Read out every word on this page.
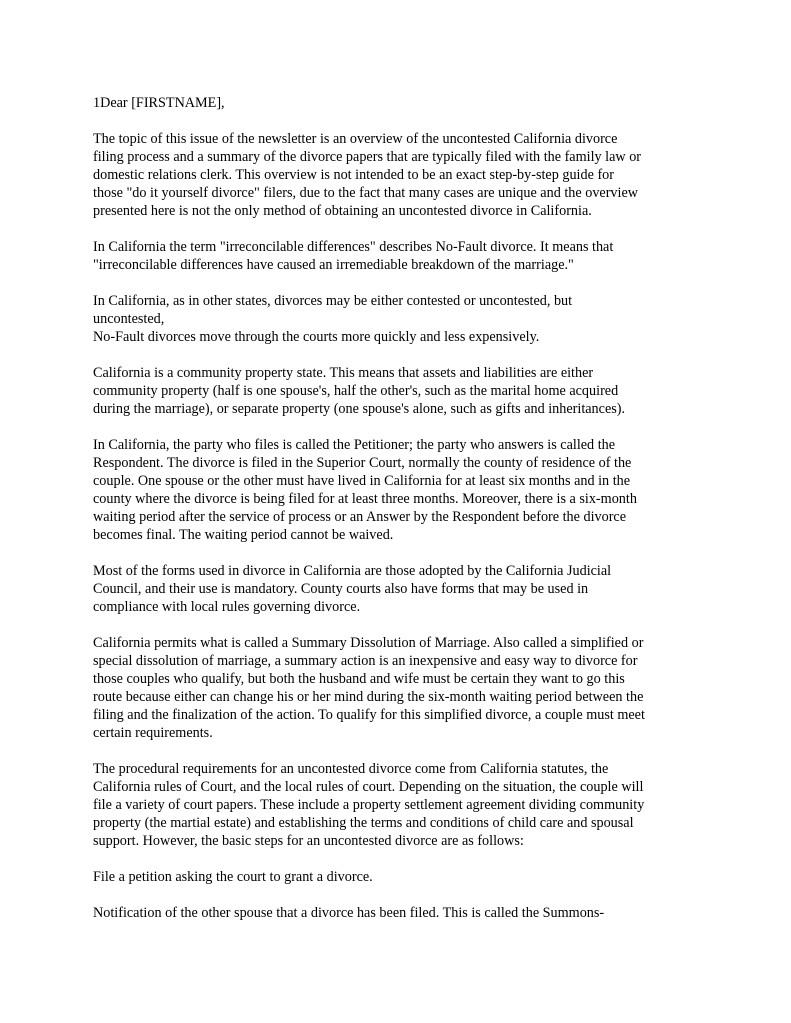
1Dear [FIRSTNAME],

The topic of this issue of the newsletter is an overview of the uncontested California divorce
filing process and a summary of the divorce papers that are typically filed with the family law or
domestic relations clerk. This overview is not intended to be an exact step-by-step guide for
those "do it yourself divorce" filers, due to the fact that many cases are unique and the overview
presented here is not the only method of obtaining an uncontested divorce in California.

In California the term "irreconcilable differences" describes No-Fault divorce. It means that
"irreconcilable differences have caused an irremediable breakdown of the marriage."

In California, as in other states, divorces may be either contested or uncontested, but
uncontested,
No-Fault divorces move through the courts more quickly and less expensively.

California is a community property state. This means that assets and liabilities are either
community property (half is one spouse's, half the other's, such as the marital home acquired
during the marriage), or separate property (one spouse's alone, such as gifts and inheritances).

In California, the party who files is called the Petitioner; the party who answers is called the
Respondent. The divorce is filed in the Superior Court, normally the county of residence of the
couple. One spouse or the other must have lived in California for at least six months and in the
county where the divorce is being filed for at least three months. Moreover, there is a six-month
waiting period after the service of process or an Answer by the Respondent before the divorce
becomes final. The waiting period cannot be waived.

Most of the forms used in divorce in California are those adopted by the California Judicial
Council, and their use is mandatory. County courts also have forms that may be used in
compliance with local rules governing divorce.

California permits what is called a Summary Dissolution of Marriage. Also called a simplified or
special dissolution of marriage, a summary action is an inexpensive and easy way to divorce for
those couples who qualify, but both the husband and wife must be certain they want to go this
route because either can change his or her mind during the six-month waiting period between the
filing and the finalization of the action. To qualify for this simplified divorce, a couple must meet
certain requirements.

The procedural requirements for an uncontested divorce come from California statutes, the
California rules of Court, and the local rules of court. Depending on the situation, the couple will
file a variety of court papers. These include a property settlement agreement dividing community
property (the martial estate) and establishing the terms and conditions of child care and spousal
support. However, the basic steps for an uncontested divorce are as follows:

File a petition asking the court to grant a divorce.

Notification of the other spouse that a divorce has been filed. This is called the Summons-
